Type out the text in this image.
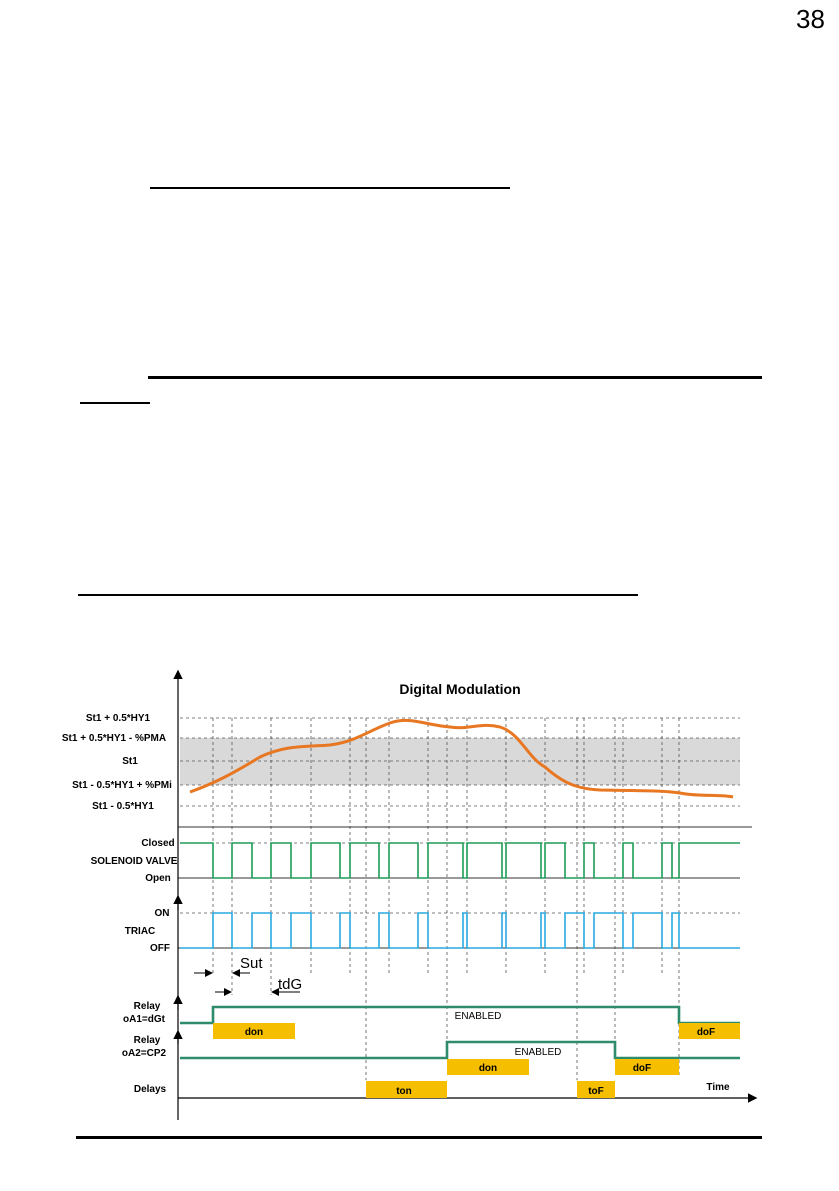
38
Digital Modulation
St1 + 0.5*HY1
St1 + 0.5*HY1 - %PMA
St1
St1 - 0.5*HY1 + %PMi
St1 - 0.5*HY1
Closed
SOLENOID VALVE
Open
ON
TRIAC
OFF
Sut
tdG
Relay
oA1=dGt	ENABLED
don	doF
Relay
oA2=CP2	ENABLED
don	doF
Delays	ton	toF	Time
